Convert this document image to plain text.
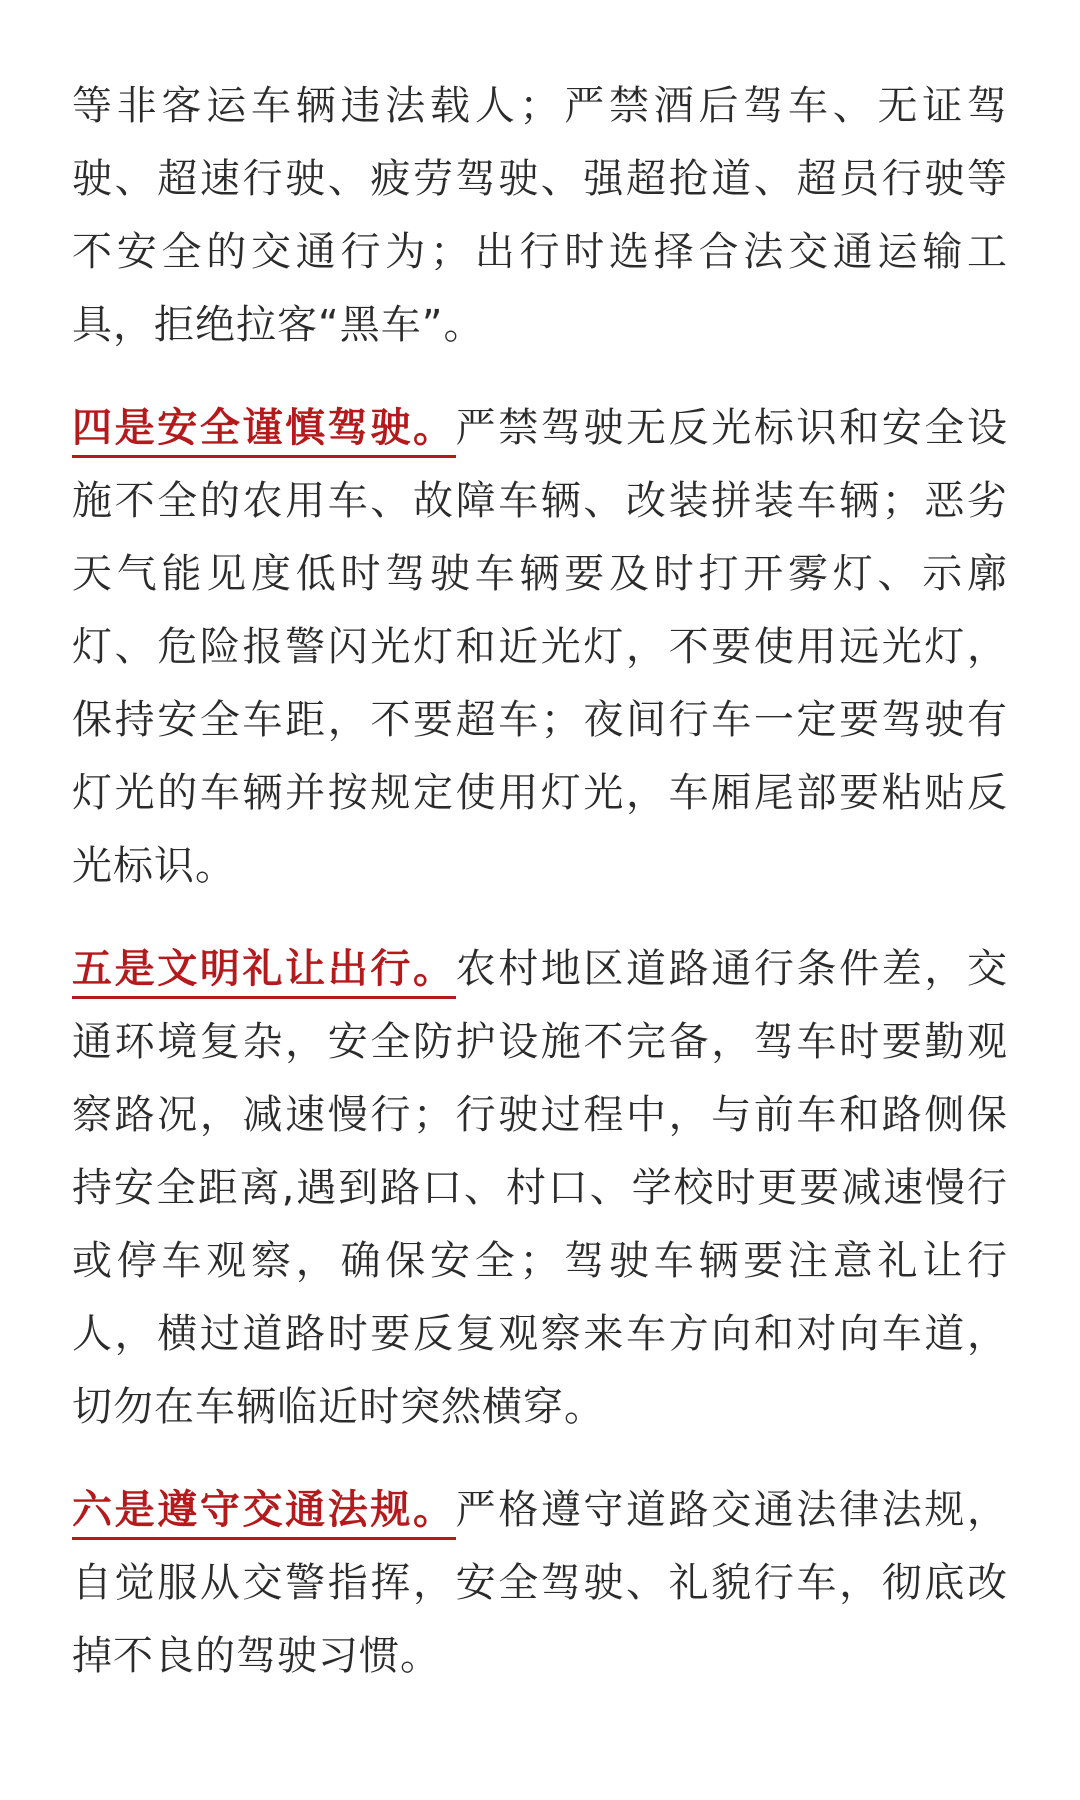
等非客运车辆违法载人；严禁酒后驾车、无证驾驶、超速行驶、疲劳驾驶、强超抢道、超员行驶等不安全的交通行为；出行时选择合法交通运输工具，拒绝拉客“黑车”。

四是安全谨慎驾驶。严禁驾驶无反光标识和安全设施不全的农用车、故障车辆、改装拼装车辆；恶劣天气能见度低时驾驶车辆要及时打开雾灯、示廓灯、危险报警闪光灯和近光灯，不要使用远光灯，保持安全车距，不要超车；夜间行车一定要驾驶有灯光的车辆并按规定使用灯光，车厢尾部要粘贴反光标识。

五是文明礼让出行。农村地区道路通行条件差，交通环境复杂，安全防护设施不完备，驾车时要勤观察路况，减速慢行；行驶过程中，与前车和路侧保持安全距离,遇到路口、村口、学校时更要减速慢行或停车观察，确保安全；驾驶车辆要注意礼让行人，横过道路时要反复观察来车方向和对向车道，切勿在车辆临近时突然横穿。

六是遵守交通法规。严格遵守道路交通法律法规，自觉服从交警指挥，安全驾驶、礼貌行车，彻底改掉不良的驾驶习惯。
